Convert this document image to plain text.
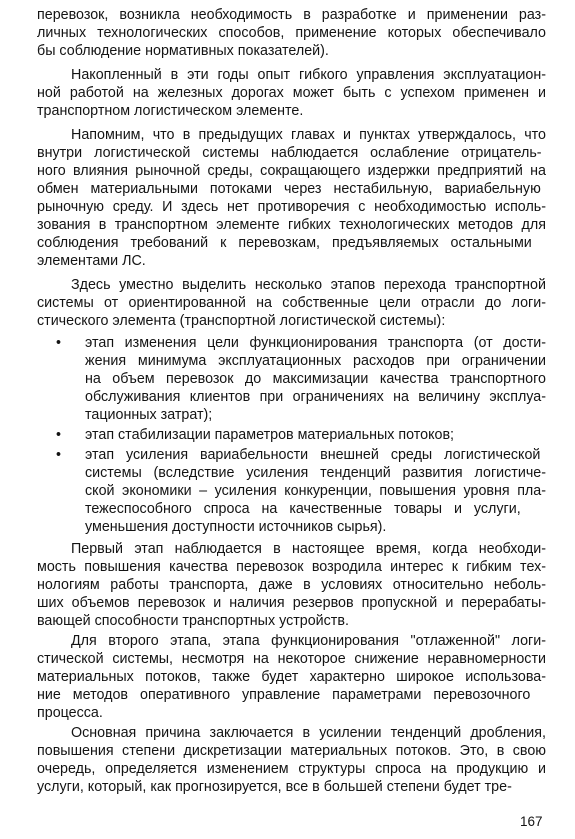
перевозок, возникла необходимость в разработке и применении раз-
личных технологических способов, применение которых обеспечивало
бы соблюдение нормативных показателей).
Накопленный в эти годы опыт гибкого управления эксплуатацион-
ной работой на железных дорогах может быть с успехом применен и
транспортном логистическом элементе.
Напомним, что в предыдущих главах и пунктах утверждалось, что
внутри логистической системы наблюдается ослабление отрицатель-
ного влияния рыночной среды, сокращающего издержки предприятий на
обмен материальными потоками через нестабильную, вариабельную
рыночную среду. И здесь нет противоречия с необходимостью исполь-
зования в транспортном элементе гибких технологических методов для
соблюдения требований к перевозкам, предъявляемых остальными
элементами ЛС.
Здесь уместно выделить несколько этапов перехода транспортной
системы от ориентированной на собственные цели отрасли до логи-
стического элемента (транспортной логистической системы):
•
этап изменения цели функционирования транспорта (от дости-
жения минимума эксплуатационных расходов при ограничении
на объем перевозок до максимизации качества транспортного
обслуживания клиентов при ограничениях на величину эксплуа-
тационных затрат);
•
этап стабилизации параметров материальных потоков;
•
этап усиления вариабельности внешней среды логистической
системы (вследствие усиления тенденций развития логистиче-
ской экономики – усиления конкуренции, повышения уровня пла-
тежеспособного спроса на качественные товары и услуги,
уменьшения доступности источников сырья).
Первый этап наблюдается в настоящее время, когда необходи-
мость повышения качества перевозок возродила интерес к гибким тех-
нологиям работы транспорта, даже в условиях относительно неболь-
ших объемов перевозок и наличия резервов пропускной и перерабаты-
вающей способности транспортных устройств.
Для второго этапа, этапа функционирования "отлаженной" логи-
стической системы, несмотря на некоторое снижение неравномерности
материальных потоков, также будет характерно широкое использова-
ние методов оперативного управление параметрами перевозочного
процесса.
Основная причина заключается в усилении тенденций дробления,
повышения степени дискретизации материальных потоков. Это, в свою
очередь, определяется изменением структуры спроса на продукцию и
услуги, который, как прогнозируется, все в большей степени будет тре-
167
